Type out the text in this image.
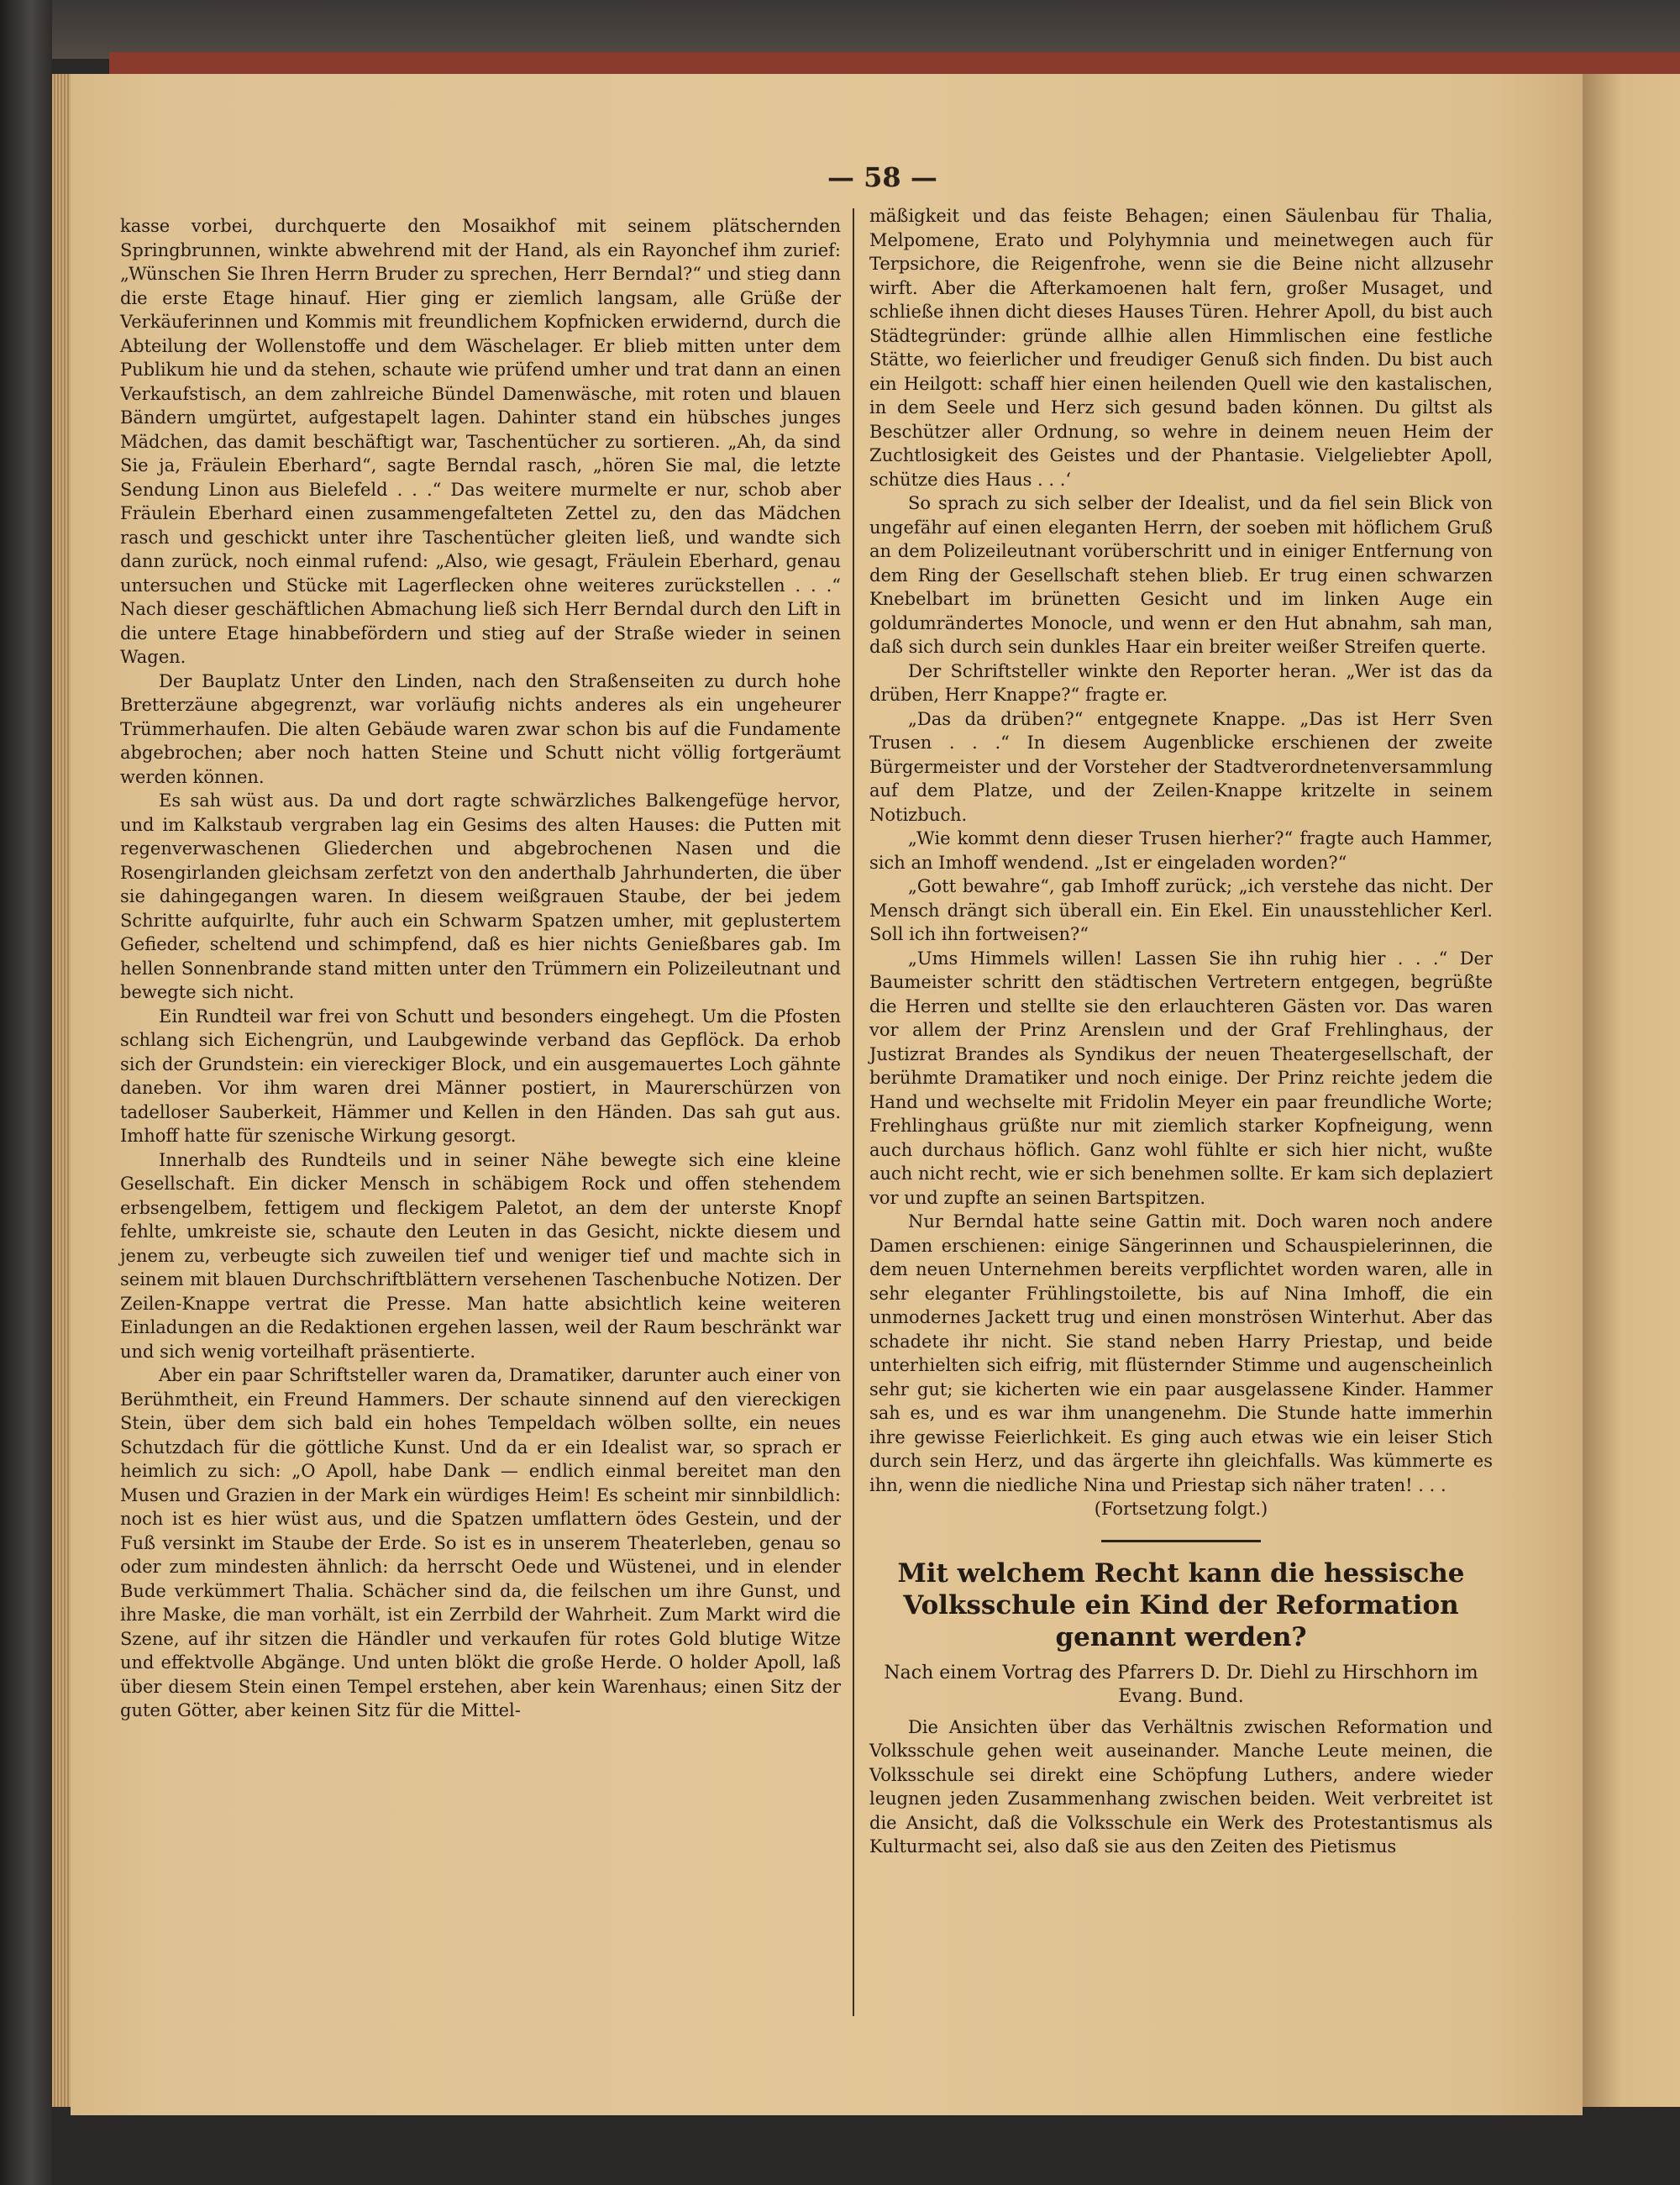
— 58 —

kasse vorbei, durchquerte den Mosaikhof mit seinem plätschernden Springbrunnen, winkte abwehrend mit der Hand, als ein Rayonchef ihm zurief: „Wünschen Sie Ihren Herrn Bruder zu sprechen, Herr Berndal?“ und stieg dann die erste Etage hinauf. Hier ging er ziemlich langsam, alle Grüße der Verkäuferinnen und Kommis mit freundlichem Kopfnicken erwidernd, durch die Abteilung der Wollenstoffe und dem Wäschelager. Er blieb mitten unter dem Publikum hie und da stehen, schaute wie prüfend umher und trat dann an einen Verkaufstisch, an dem zahlreiche Bündel Damenwäsche, mit roten und blauen Bändern umgürtet, aufgestapelt lagen. Dahinter stand ein hübsches junges Mädchen, das damit beschäftigt war, Taschentücher zu sortieren. „Ah, da sind Sie ja, Fräulein Eberhard“, sagte Berndal rasch, „hören Sie mal, die letzte Sendung Linon aus Bielefeld . . .“ Das weitere murmelte er nur, schob aber Fräulein Eberhard einen zusammengefalteten Zettel zu, den das Mädchen rasch und geschickt unter ihre Taschentücher gleiten ließ, und wandte sich dann zurück, noch einmal rufend: „Also, wie gesagt, Fräulein Eberhard, genau untersuchen und Stücke mit Lagerflecken ohne weiteres zurückstellen . . .“ Nach dieser geschäftlichen Abmachung ließ sich Herr Berndal durch den Lift in die untere Etage hinabbefördern und stieg auf der Straße wieder in seinen Wagen.

Der Bauplatz Unter den Linden, nach den Straßenseiten zu durch hohe Bretterzäune abgegrenzt, war vorläufig nichts anderes als ein ungeheurer Trümmerhaufen. Die alten Gebäude waren zwar schon bis auf die Fundamente abgebrochen; aber noch hatten Steine und Schutt nicht völlig fortgeräumt werden können.

Es sah wüst aus. Da und dort ragte schwärzliches Balkengefüge hervor, und im Kalkstaub vergraben lag ein Gesims des alten Hauses: die Putten mit regenverwaschenen Gliederchen und abgebrochenen Nasen und die Rosengirlanden gleichsam zerfetzt von den anderthalb Jahrhunderten, die über sie dahingegangen waren. In diesem weißgrauen Staube, der bei jedem Schritte aufquirlte, fuhr auch ein Schwarm Spatzen umher, mit geplustertem Gefieder, scheltend und schimpfend, daß es hier nichts Genießbares gab. Im hellen Sonnenbrande stand mitten unter den Trümmern ein Polizeileutnant und bewegte sich nicht.

Ein Rundteil war frei von Schutt und besonders eingehegt. Um die Pfosten schlang sich Eichengrün, und Laubgewinde verband das Gepflöck. Da erhob sich der Grundstein: ein viereckiger Block, und ein ausgemauertes Loch gähnte daneben. Vor ihm waren drei Männer postiert, in Maurerschürzen von tadelloser Sauberkeit, Hämmer und Kellen in den Händen. Das sah gut aus. Imhoff hatte für szenische Wirkung gesorgt.

Innerhalb des Rundteils und in seiner Nähe bewegte sich eine kleine Gesellschaft. Ein dicker Mensch in schäbigem Rock und offen stehendem erbsengelbem, fettigem und fleckigem Paletot, an dem der unterste Knopf fehlte, umkreiste sie, schaute den Leuten in das Gesicht, nickte diesem und jenem zu, verbeugte sich zuweilen tief und weniger tief und machte sich in seinem mit blauen Durchschriftblättern versehenen Taschenbuche Notizen. Der Zeilen-Knappe vertrat die Presse. Man hatte absichtlich keine weiteren Einladungen an die Redaktionen ergehen lassen, weil der Raum beschränkt war und sich wenig vorteilhaft präsentierte.

Aber ein paar Schriftsteller waren da, Dramatiker, darunter auch einer von Berühmtheit, ein Freund Hammers. Der schaute sinnend auf den viereckigen Stein, über dem sich bald ein hohes Tempeldach wölben sollte, ein neues Schutzdach für die göttliche Kunst. Und da er ein Idealist war, so sprach er heimlich zu sich: „O Apoll, habe Dank — endlich einmal bereitet man den Musen und Grazien in der Mark ein würdiges Heim! Es scheint mir sinnbildlich: noch ist es hier wüst aus, und die Spatzen umflattern ödes Gestein, und der Fuß versinkt im Staube der Erde. So ist es in unserem Theaterleben, genau so oder zum mindesten ähnlich: da herrscht Oede und Wüstenei, und in elender Bude verkümmert Thalia. Schächer sind da, die feilschen um ihre Gunst, und ihre Maske, die man vorhält, ist ein Zerrbild der Wahrheit. Zum Markt wird die Szene, auf ihr sitzen die Händler und verkaufen für rotes Gold blutige Witze und effektvolle Abgänge. Und unten blökt die große Herde. O holder Apoll, laß über diesem Stein einen Tempel erstehen, aber kein Warenhaus; einen Sitz der guten Götter, aber keinen Sitz für die Mittel-

mäßigkeit und das feiste Behagen; einen Säulenbau für Thalia, Melpomene, Erato und Polyhymnia und meinetwegen auch für Terpsichore, die Reigenfrohe, wenn sie die Beine nicht allzusehr wirft. Aber die Afterkamoenen halt fern, großer Musaget, und schließe ihnen dicht dieses Hauses Türen. Hehrer Apoll, du bist auch Städtegründer: gründe allhie allen Himmlischen eine festliche Stätte, wo feierlicher und freudiger Genuß sich finden. Du bist auch ein Heilgott: schaff hier einen heilenden Quell wie den kastalischen, in dem Seele und Herz sich gesund baden können. Du giltst als Beschützer aller Ordnung, so wehre in deinem neuen Heim der Zuchtlosigkeit des Geistes und der Phantasie. Vielgeliebter Apoll, schütze dies Haus . . .‘

So sprach zu sich selber der Idealist, und da fiel sein Blick von ungefähr auf einen eleganten Herrn, der soeben mit höflichem Gruß an dem Polizeileutnant vorüberschritt und in einiger Entfernung von dem Ring der Gesellschaft stehen blieb. Er trug einen schwarzen Knebelbart im brünetten Gesicht und im linken Auge ein goldumrändertes Monocle, und wenn er den Hut abnahm, sah man, daß sich durch sein dunkles Haar ein breiter weißer Streifen querte.

Der Schriftsteller winkte den Reporter heran. „Wer ist das da drüben, Herr Knappe?“ fragte er.

„Das da drüben?“ entgegnete Knappe. „Das ist Herr Sven Trusen . . .“ In diesem Augenblicke erschienen der zweite Bürgermeister und der Vorsteher der Stadtverordnetenversammlung auf dem Platze, und der Zeilen-Knappe kritzelte in seinem Notizbuch.

„Wie kommt denn dieser Trusen hierher?“ fragte auch Hammer, sich an Imhoff wendend. „Ist er eingeladen worden?“

„Gott bewahre“, gab Imhoff zurück; „ich verstehe das nicht. Der Mensch drängt sich überall ein. Ein Ekel. Ein unausstehlicher Kerl. Soll ich ihn fortweisen?“

„Ums Himmels willen! Lassen Sie ihn ruhig hier . . .“ Der Baumeister schritt den städtischen Vertretern entgegen, begrüßte die Herren und stellte sie den erlauchteren Gästen vor. Das waren vor allem der Prinz Arensleın und der Graf Frehlinghaus, der Justizrat Brandes als Syndikus der neuen Theatergesellschaft, der berühmte Dramatiker und noch einige. Der Prinz reichte jedem die Hand und wechselte mit Fridolin Meyer ein paar freundliche Worte; Frehlinghaus grüßte nur mit ziemlich starker Kopfneigung, wenn auch durchaus höflich. Ganz wohl fühlte er sich hier nicht, wußte auch nicht recht, wie er sich benehmen sollte. Er kam sich deplaziert vor und zupfte an seinen Bartspitzen.

Nur Berndal hatte seine Gattin mit. Doch waren noch andere Damen erschienen: einige Sängerinnen und Schauspielerinnen, die dem neuen Unternehmen bereits verpflichtet worden waren, alle in sehr eleganter Frühlingstoilette, bis auf Nina Imhoff, die ein unmodernes Jackett trug und einen monströsen Winterhut. Aber das schadete ihr nicht. Sie stand neben Harry Priestap, und beide unterhielten sich eifrig, mit flüsternder Stimme und augenscheinlich sehr gut; sie kicherten wie ein paar ausgelassene Kinder. Hammer sah es, und es war ihm unangenehm. Die Stunde hatte immerhin ihre gewisse Feierlichkeit. Es ging auch etwas wie ein leiser Stich durch sein Herz, und das ärgerte ihn gleichfalls. Was kümmerte es ihn, wenn die niedliche Nina und Priestap sich näher traten! . . .

(Fortsetzung folgt.)

Mit welchem Recht kann die hessische Volksschule ein Kind der Reformation genannt werden?
Nach einem Vortrag des Pfarrers D. Dr. Diehl zu Hirschhorn im Evang. Bund.

Die Ansichten über das Verhältnis zwischen Reformation und Volksschule gehen weit auseinander. Manche Leute meinen, die Volksschule sei direkt eine Schöpfung Luthers, andere wieder leugnen jeden Zusammenhang zwischen beiden. Weit verbreitet ist die Ansicht, daß die Volksschule ein Werk des Protestantismus als Kulturmacht sei, also daß sie aus den Zeiten des Pietismus
